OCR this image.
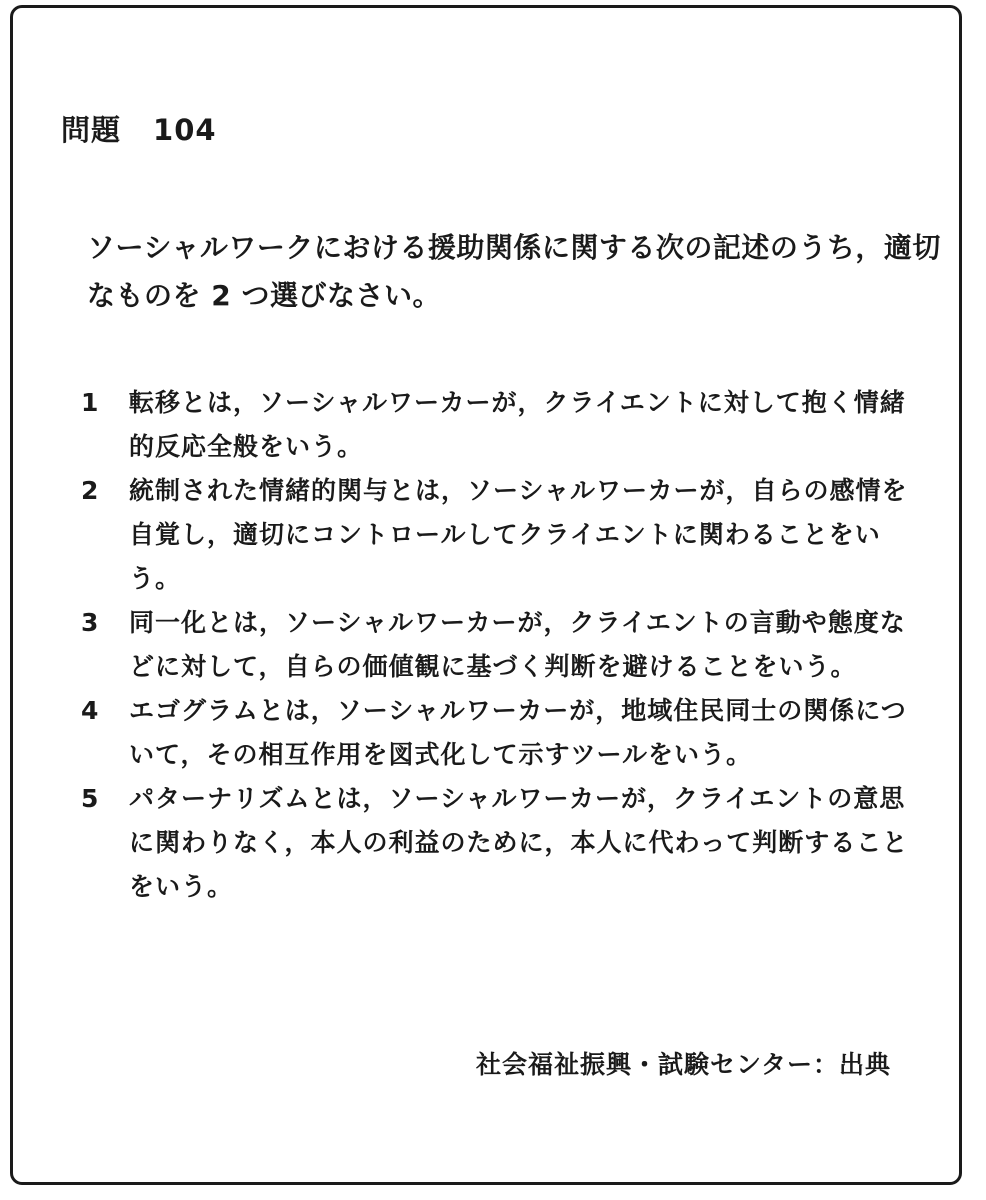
問題 104
ソーシャルワークにおける援助関係に関する次の記述のうち，適切なものを 2 つ選びなさい。
1	転移とは，ソーシャルワーカーが，クライエントに対して抱く情緒的反応全般をいう。
2	統制された情緒的関与とは，ソーシャルワーカーが，自らの感情を自覚し，適切にコントロールしてクライエントに関わることをいう。
3	同一化とは，ソーシャルワーカーが，クライエントの言動や態度などに対して，自らの価値観に基づく判断を避けることをいう。
4	エゴグラムとは，ソーシャルワーカーが，地域住民同士の関係について，その相互作用を図式化して示すツールをいう。
5	パターナリズムとは，ソーシャルワーカーが，クライエントの意思に関わりなく，本人の利益のために，本人に代わって判断することをいう。
社会福祉振興・試験センター：出典
